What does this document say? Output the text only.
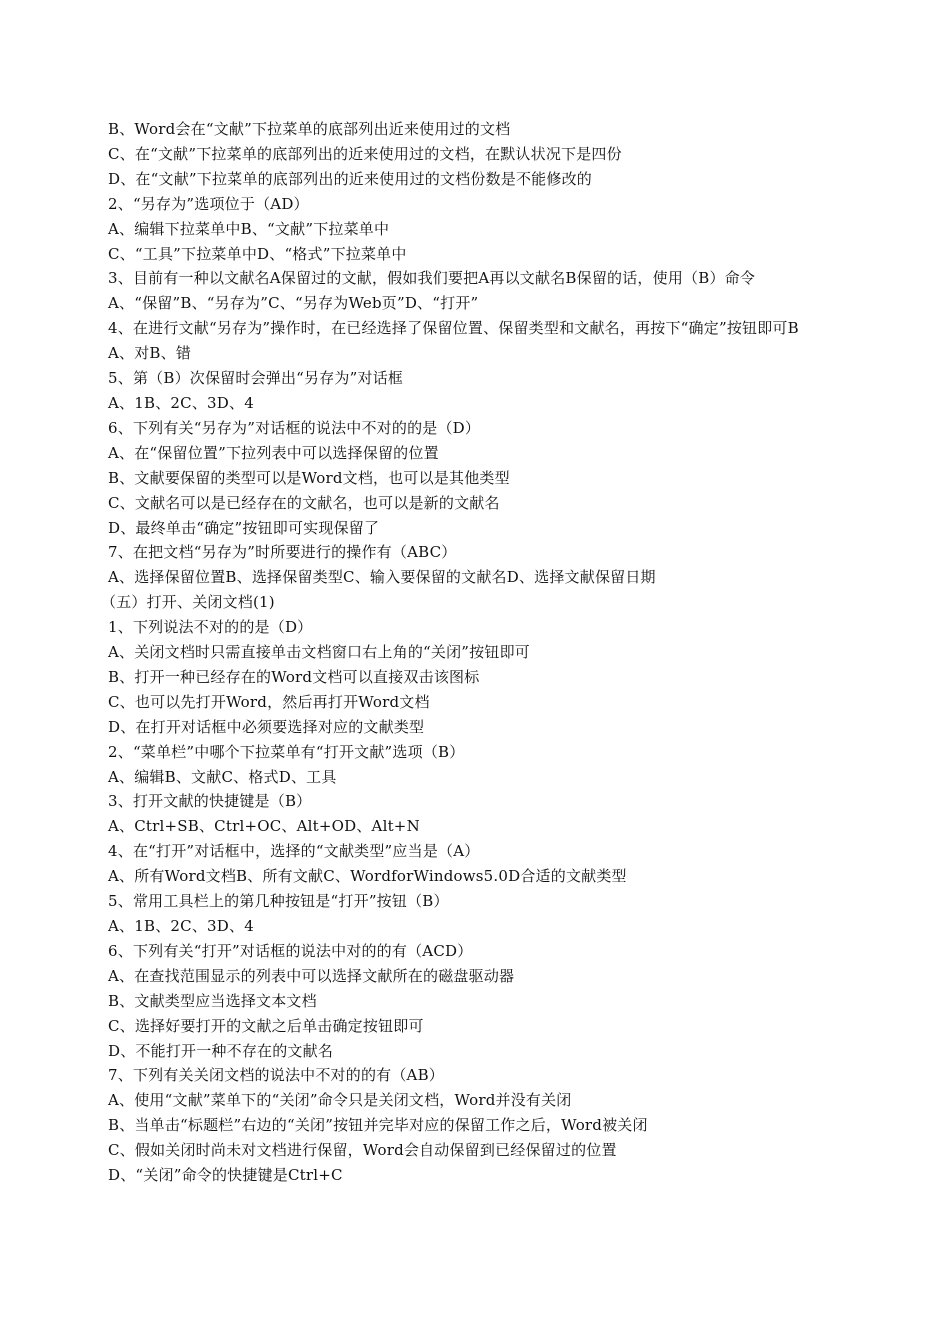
B、Word会在“文献”下拉菜单的底部列出近来使用过的文档

C、在“文献”下拉菜单的底部列出的近来使用过的文档，在默认状况下是四份

D、在“文献”下拉菜单的底部列出的近来使用过的文档份数是不能修改的

2、“另存为”选项位于（AD）

A、编辑下拉菜单中B、“文献”下拉菜单中

C、“工具”下拉菜单中D、“格式”下拉菜单中

3、目前有一种以文献名A保留过的文献，假如我们要把A再以文献名B保留的话，使用（B）命令

A、“保留”B、“另存为”C、“另存为Web页”D、“打开”

4、在进行文献“另存为”操作时，在已经选择了保留位置、保留类型和文献名，再按下“确定”按钮即可B

A、对B、错

5、第（B）次保留时会弹出“另存为”对话框

A、1B、2C、3D、4

6、下列有关“另存为”对话框的说法中不对的的是（D）

A、在“保留位置”下拉列表中可以选择保留的位置

B、文献要保留的类型可以是Word文档，也可以是其他类型

C、文献名可以是已经存在的文献名，也可以是新的文献名

D、最终单击“确定”按钮即可实现保留了

7、在把文档“另存为”时所要进行的操作有（ABC）

A、选择保留位置B、选择保留类型C、输入要保留的文献名D、选择文献保留日期

（五）打开、关闭文档(1)

1、下列说法不对的的是（D）

A、关闭文档时只需直接单击文档窗口右上角的“关闭”按钮即可

B、打开一种已经存在的Word文档可以直接双击该图标

C、也可以先打开Word，然后再打开Word文档

D、在打开对话框中必须要选择对应的文献类型

2、“菜单栏”中哪个下拉菜单有“打开文献”选项（B）

A、编辑B、文献C、格式D、工具

3、打开文献的快捷键是（B）

A、Ctrl+SB、Ctrl+OC、Alt+OD、Alt+N

4、在“打开”对话框中，选择的“文献类型”应当是（A）

A、所有Word文档B、所有文献C、WordforWindows5.0D合适的文献类型

5、常用工具栏上的第几种按钮是“打开”按钮（B）

A、1B、2C、3D、4

6、下列有关“打开”对话框的说法中对的的有（ACD）

A、在查找范围显示的列表中可以选择文献所在的磁盘驱动器

B、文献类型应当选择文本文档

C、选择好要打开的文献之后单击确定按钮即可

D、不能打开一种不存在的文献名

7、下列有关关闭文档的说法中不对的的有（AB）

A、使用“文献”菜单下的“关闭”命令只是关闭文档，Word并没有关闭

B、当单击“标题栏”右边的“关闭”按钮并完毕对应的保留工作之后，Word被关闭

C、假如关闭时尚未对文档进行保留，Word会自动保留到已经保留过的位置

D、“关闭”命令的快捷键是Ctrl+C
